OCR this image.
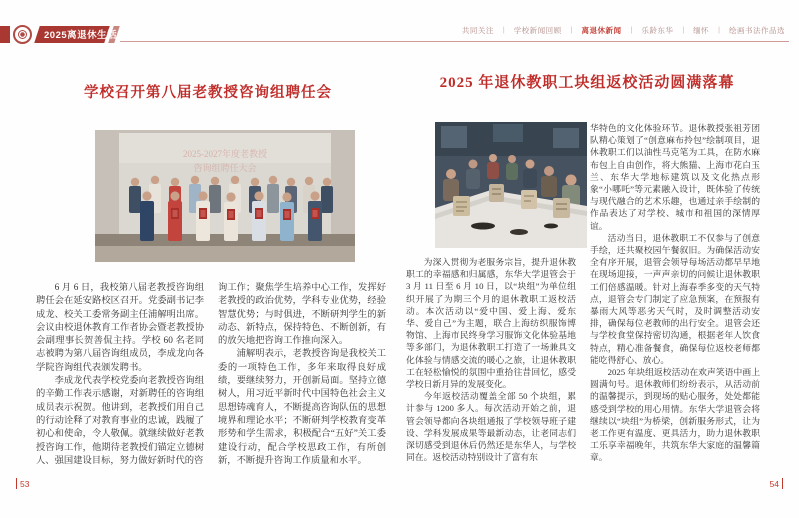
2025离退休生活	共同关注 | 学校新闻回顾 | 离退休新闻 | 乐龄东华 | 缅怀 | 绘画书法作品选
学校召开第八届老教授咨询组聘任会
2025-2027年度老教授
咨询组聘任大会

6 月 6 日，我校第八届老教授咨询组聘任会在延安路校区召开。党委副书记李成龙、校关工委常务副主任浦解明出席。会议由校退休教育工作者协会暨老教授协会副理事长贺善侃主持。学校 60 名老同志被聘为第八届咨询组成员，李成龙向各学院咨询组代表颁发聘书。

李成龙代表学校党委向老教授咨询组的辛勤工作表示感谢，对新聘任的咨询组成员表示祝贺。他讲到，老教授们用自己的行动诠释了对教育事业的忠诚，践履了初心和使命，令人敬佩。就继续做好老教授咨询工作，他期待老教授们锚定立德树人、强国建设目标，努力做好新时代的咨

询工作；聚焦学生培养中心工作，发挥好老教授的政治优势，学科专业优势，经验智慧优势；与时俱进，不断研判学生的新动态、新特点，保持特色、不断创新，有的放矢地把咨询工作推向深入。

浦解明表示，老教授咨询是我校关工委的一项特色工作，多年来取得良好成绩，要继续努力，开创新局面。坚持立德树人，用习近平新时代中国特色社会主义思想铸魂育人，不断提高咨询队伍的思想境界和理论水平；不断研判学校教育变革形势和学生需求，积极配合“五好”关工委建设行动，配合学校思政工作，有所创新，不断提升咨询工作质量和水平。

53
2025 年退休教职工块组返校活动圆满落幕

为深入贯彻为老服务宗旨，提升退休教职工的幸福感和归属感，东华大学退管会于 3 月 11 日至 6 月 10 日，以“块组”为单位组织开展了为期三个月的退休教职工返校活动。本次活动以“爱中国、爱上海、爱东华、爱自己”为主题，联合上海纺织服饰博物馆、上海市民终身学习服饰文化体验基地等多部门，为退休教职工打造了一场兼具文化体验与情感交流的暖心之旅，让退休教职工在轻松愉悦的氛围中重拾往昔回忆，感受学校日新月异的发展变化。

今年返校活动覆盖全部 50 个块组，累计参与 1200 多人。每次活动开始之前，退管会领导都向各块组通报了学校领导班子建设、学科发展成果等最新动态，让老同志们深切感受到退休后仍然还是东华人，与学校同在。返校活动特别设计了富有东

华特色的文化体验环节。退休教授张祖芳团队精心策划了“创意麻布拎包”绘制项目，退休教职工们以油性马克笔为工具，在防水麻布包上自由创作，将大熊猫、上海市花白玉兰、东华大学地标建筑以及文化热点形象“小哪吒”等元素融入设计，既体验了传统与现代融合的艺术乐趣，也通过亲手绘制的作品表达了对学校、城市和祖国的深情厚谊。

活动当日，退休教职工不仅参与了创意手绘，还共聚校园午餐叙旧。为确保活动安全有序开展，退管会领导每场活动都早早地在现场迎接，一声声亲切的问候让退休教职工们倍感温暖。针对上海春季多变的天气特点，退管会专门制定了应急预案，在预报有暴雨大风等恶劣天气时，及时调整活动安排，确保每位老教师的出行安全。退管会还与学校食堂保持密切沟通，根据老年人饮食特点，精心准备餐食，确保每位返校老师都能吃得舒心、放心。

2025 年块组返校活动在欢声笑语中画上圆满句号。退休教师们纷纷表示，从活动前的温馨提示，到现场的贴心服务，处处都能感受到学校的用心用情。东华大学退管会将继续以“块组”为桥梁，创新服务形式，让为老工作更有温度、更具活力，助力退休教职工乐享幸福晚年，共筑东华大家庭的温馨篇章。

54
